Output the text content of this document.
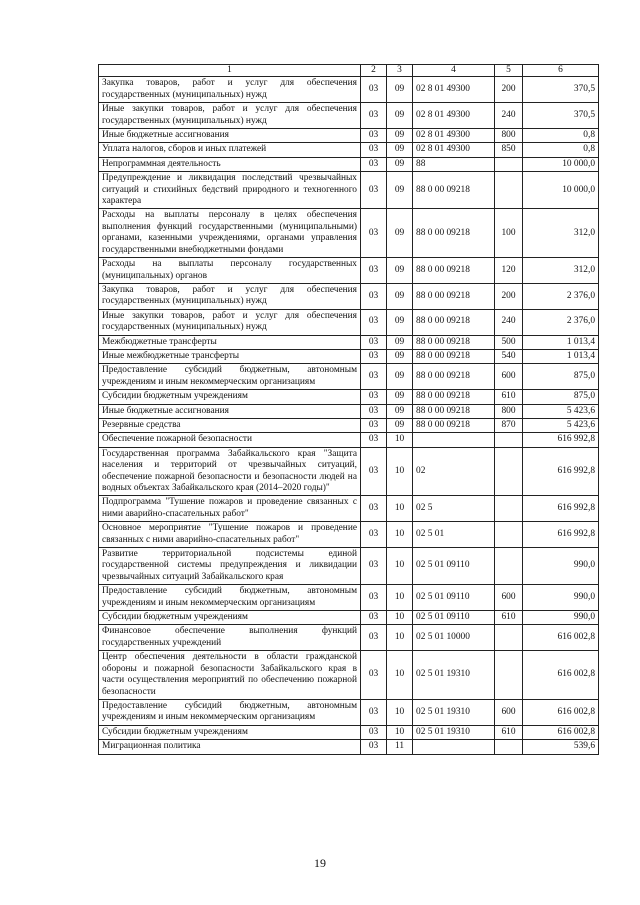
1	2	3	4	5	6
Закупка товаров, работ и услуг для обеспечения государственных (муниципальных) нужд	03	09	02 8 01 49300	200	370,5
Иные закупки товаров, работ и услуг для обеспечения государственных (муниципальных) нужд	03	09	02 8 01 49300	240	370,5
Иные бюджетные ассигнования	03	09	02 8 01 49300	800	0,8
Уплата налогов, сборов и иных платежей	03	09	02 8 01 49300	850	0,8
Непрограммная деятельность	03	09	88		10 000,0
Предупреждение и ликвидация последствий чрезвычайных ситуаций и стихийных бедствий природного и техногенного характера	03	09	88 0 00 09218		10 000,0
Расходы на выплаты персоналу в целях обеспечения выполнения функций государственными (муниципальными) органами, казенными учреждениями, органами управления государственными внебюджетными фондами	03	09	88 0 00 09218	100	312,0
Расходы на выплаты персоналу государственных (муниципальных) органов	03	09	88 0 00 09218	120	312,0
Закупка товаров, работ и услуг для обеспечения государственных (муниципальных) нужд	03	09	88 0 00 09218	200	2 376,0
Иные закупки товаров, работ и услуг для обеспечения государственных (муниципальных) нужд	03	09	88 0 00 09218	240	2 376,0
Межбюджетные трансферты	03	09	88 0 00 09218	500	1 013,4
Иные межбюджетные трансферты	03	09	88 0 00 09218	540	1 013,4
Предоставление субсидий бюджетным, автономным учреждениям и иным некоммерческим организациям	03	09	88 0 00 09218	600	875,0
Субсидии бюджетным учреждениям	03	09	88 0 00 09218	610	875,0
Иные бюджетные ассигнования	03	09	88 0 00 09218	800	5 423,6
Резервные средства	03	09	88 0 00 09218	870	5 423,6
Обеспечение пожарной безопасности	03	10			616 992,8
Государственная программа Забайкальского края "Защита населения и территорий от чрезвычайных ситуаций, обеспечение пожарной безопасности и безопасности людей на водных объектах Забайкальского края (2014–2020 годы)"	03	10	02		616 992,8
Подпрограмма "Тушение пожаров и проведение связанных с ними аварийно-спасательных работ"	03	10	02 5		616 992,8
Основное мероприятие "Тушение пожаров и проведение связанных с ними аварийно-спасательных работ"	03	10	02 5 01		616 992,8
Развитие территориальной подсистемы единой государственной системы предупреждения и ликвидации чрезвычайных ситуаций Забайкальского края	03	10	02 5 01 09110		990,0
Предоставление субсидий бюджетным, автономным учреждениям и иным некоммерческим организациям	03	10	02 5 01 09110	600	990,0
Субсидии бюджетным учреждениям	03	10	02 5 01 09110	610	990,0
Финансовое обеспечение выполнения функций государственных учреждений	03	10	02 5 01 10000		616 002,8
Центр обеспечения деятельности в области гражданской обороны и пожарной безопасности Забайкальского края в части осуществления мероприятий по обеспечению пожарной безопасности	03	10	02 5 01 19310		616 002,8
Предоставление субсидий бюджетным, автономным учреждениям и иным некоммерческим организациям	03	10	02 5 01 19310	600	616 002,8
Субсидии бюджетным учреждениям	03	10	02 5 01 19310	610	616 002,8
Миграционная политика	03	11			539,6
19
